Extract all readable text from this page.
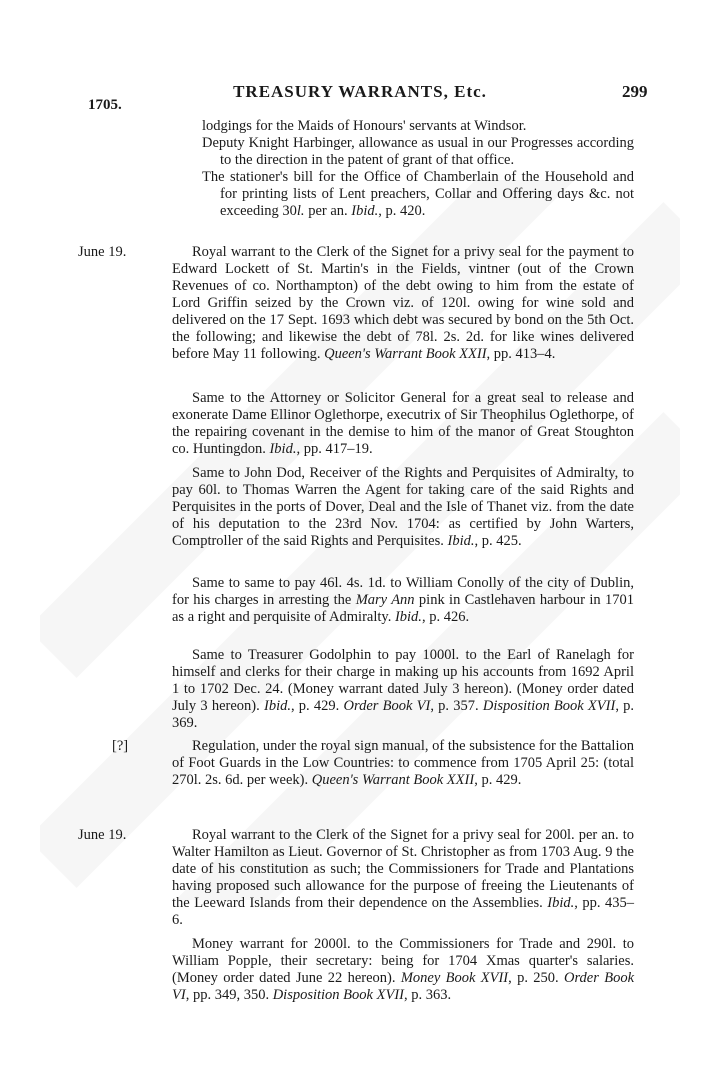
TREASURY WARRANTS, Etc.	299
1705.

lodgings for the Maids of Honours' servants at Windsor.

Deputy Knight Harbinger, allowance as usual in our Progresses according to the direction in the patent of grant of that office.

The stationer's bill for the Office of Chamberlain of the Household and for printing lists of Lent preachers, Collar and Offering days &c. not exceeding 30l. per an. Ibid., p. 420.

June 19.	Royal warrant to the Clerk of the Signet for a privy seal for the payment to Edward Lockett of St. Martin's in the Fields, vintner (out of the Crown Revenues of co. Northampton) of the debt owing to him from the estate of Lord Griffin seized by the Crown viz. of 120l. owing for wine sold and delivered on the 17 Sept. 1693 which debt was secured by bond on the 5th Oct. the following; and likewise the debt of 78l. 2s. 2d. for like wines delivered before May 11 following. Queen's Warrant Book XXII, pp. 413–4.

Same to the Attorney or Solicitor General for a great seal to release and exonerate Dame Ellinor Oglethorpe, executrix of Sir Theophilus Oglethorpe, of the repairing covenant in the demise to him of the manor of Great Stoughton co. Huntingdon. Ibid., pp. 417–19.

Same to John Dod, Receiver of the Rights and Perquisites of Admiralty, to pay 60l. to Thomas Warren the Agent for taking care of the said Rights and Perquisites in the ports of Dover, Deal and the Isle of Thanet viz. from the date of his deputation to the 23rd Nov. 1704: as certified by John Warters, Comptroller of the said Rights and Perquisites. Ibid., p. 425.

Same to same to pay 46l. 4s. 1d. to William Conolly of the city of Dublin, for his charges in arresting the Mary Ann pink in Castlehaven harbour in 1701 as a right and perquisite of Admiralty. Ibid., p. 426.

Same to Treasurer Godolphin to pay 1000l. to the Earl of Ranelagh for himself and clerks for their charge in making up his accounts from 1692 April 1 to 1702 Dec. 24. (Money warrant dated July 3 hereon). (Money order dated July 3 hereon). Ibid., p. 429. Order Book VI, p. 357. Disposition Book XVII, p. 369.

[?]	Regulation, under the royal sign manual, of the subsistence for the Battalion of Foot Guards in the Low Countries: to commence from 1705 April 25: (total 270l. 2s. 6d. per week). Queen's Warrant Book XXII, p. 429.

June 19.	Royal warrant to the Clerk of the Signet for a privy seal for 200l. per an. to Walter Hamilton as Lieut. Governor of St. Christopher as from 1703 Aug. 9 the date of his constitution as such; the Commissioners for Trade and Plantations having proposed such allowance for the purpose of freeing the Lieutenants of the Leeward Islands from their dependence on the Assemblies. Ibid., pp. 435–6.

Money warrant for 2000l. to the Commissioners for Trade and 290l. to William Popple, their secretary: being for 1704 Xmas quarter's salaries. (Money order dated June 22 hereon). Money Book XVII, p. 250. Order Book VI, pp. 349, 350. Disposition Book XVII, p. 363.
